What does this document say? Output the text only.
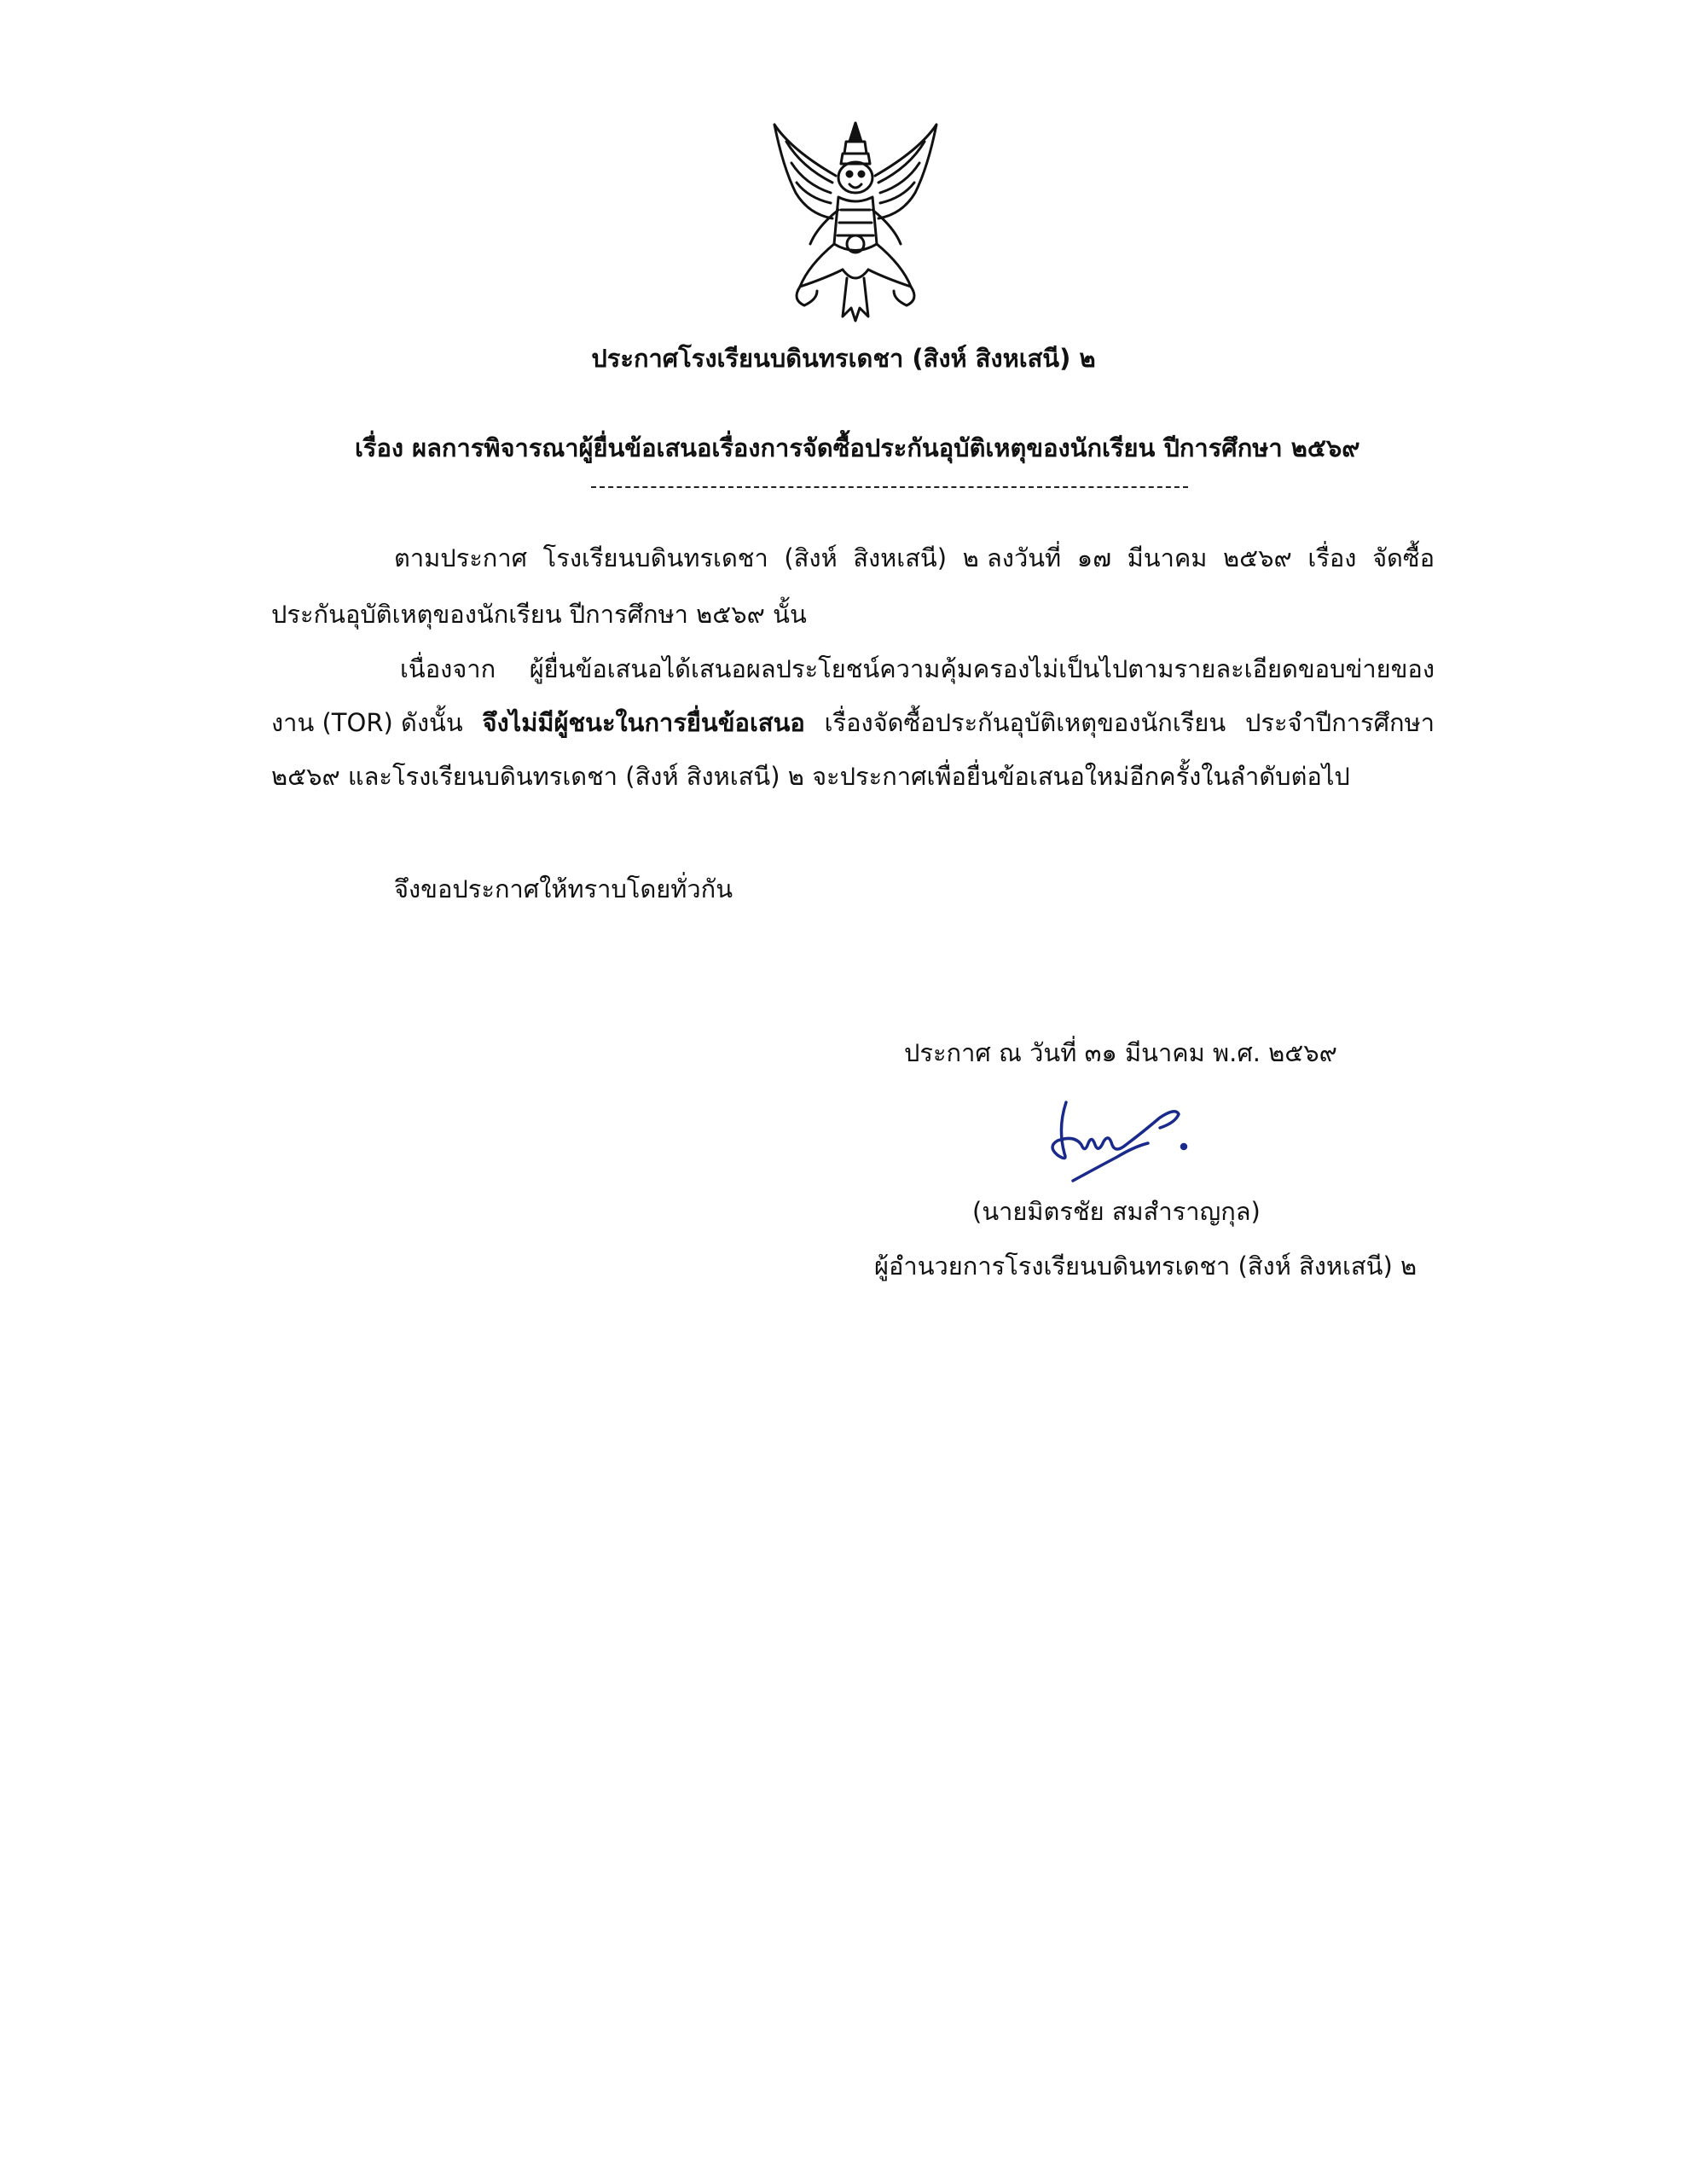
ประกาศโรงเรียนบดินทรเดชา (สิงห์ สิงหเสนี) ๒
เรื่อง ผลการพิจารณาผู้ยื่นข้อเสนอเรื่องการจัดซื้อประกันอุบัติเหตุของนักเรียน ปีการศึกษา ๒๕๖๙
ตามประกาศ โรงเรียนบดินทรเดชา (สิงห์ สิงหเสนี) ๒ ลงวันที่ ๑๗ มีนาคม ๒๕๖๙ เรื่อง จัดซื้อ
ประกันอุบัติเหตุของนักเรียน ปีการศึกษา ๒๕๖๙ นั้น
เนื่องจาก ผู้ยื่นข้อเสนอได้เสนอผลประโยชน์ความคุ้มครองไม่เป็นไปตามรายละเอียดขอบข่ายของ
งาน (TOR) ดังนั้น จึงไม่มีผู้ชนะในการยื่นข้อเสนอ เรื่องจัดซื้อประกันอุบัติเหตุของนักเรียน ประจำปีการศึกษา
๒๕๖๙ และโรงเรียนบดินทรเดชา (สิงห์ สิงหเสนี) ๒ จะประกาศเพื่อยื่นข้อเสนอใหม่อีกครั้งในลำดับต่อไป
จึงขอประกาศให้ทราบโดยทั่วกัน
ประกาศ ณ วันที่ ๓๑ มีนาคม พ.ศ. ๒๕๖๙
(นายมิตรชัย สมสำราญกุล)
ผู้อำนวยการโรงเรียนบดินทรเดชา (สิงห์ สิงหเสนี) ๒
